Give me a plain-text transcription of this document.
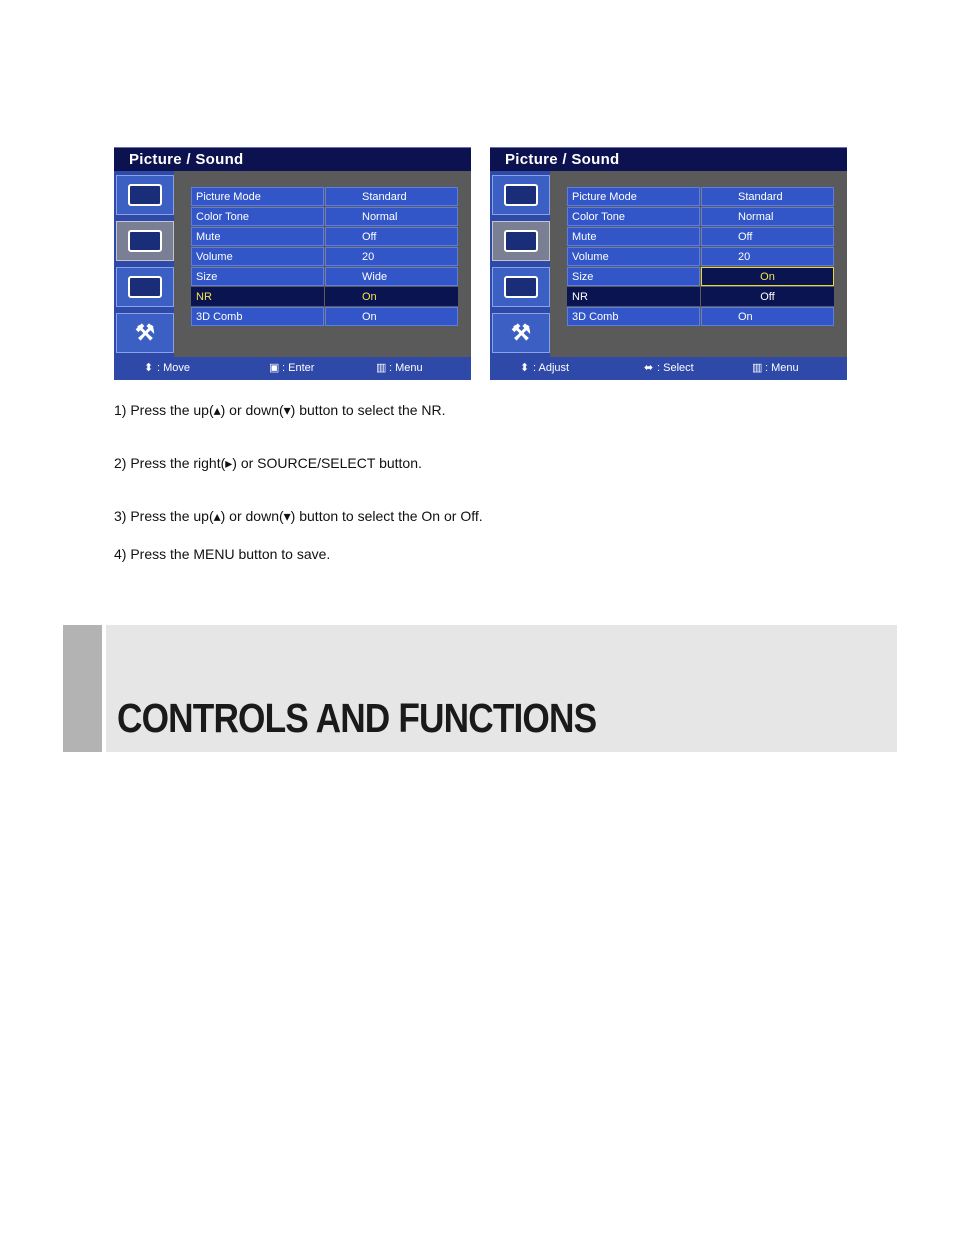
Picture / Sound
⚒
Picture Mode	Standard
Color Tone	Normal
Mute	Off
Volume	20
Size	Wide
NR	On
3D Comb	On
⬍ : Move	▣ : Enter	▥ : Menu
Picture / Sound
⚒
Picture Mode	Standard
Color Tone	Normal
Mute	Off
Volume	20
Size	On
NR	Off
3D Comb	On
⬍ : Adjust	⬌ : Select	▥ : Menu
1) Press the up(▴) or down(▾) button to select the NR.
2) Press the right(▸) or SOURCE/SELECT button.
3) Press the up(▴) or down(▾) button to select the On or Off.
4) Press the MENU button to save.
CONTROLS AND FUNCTIONS
